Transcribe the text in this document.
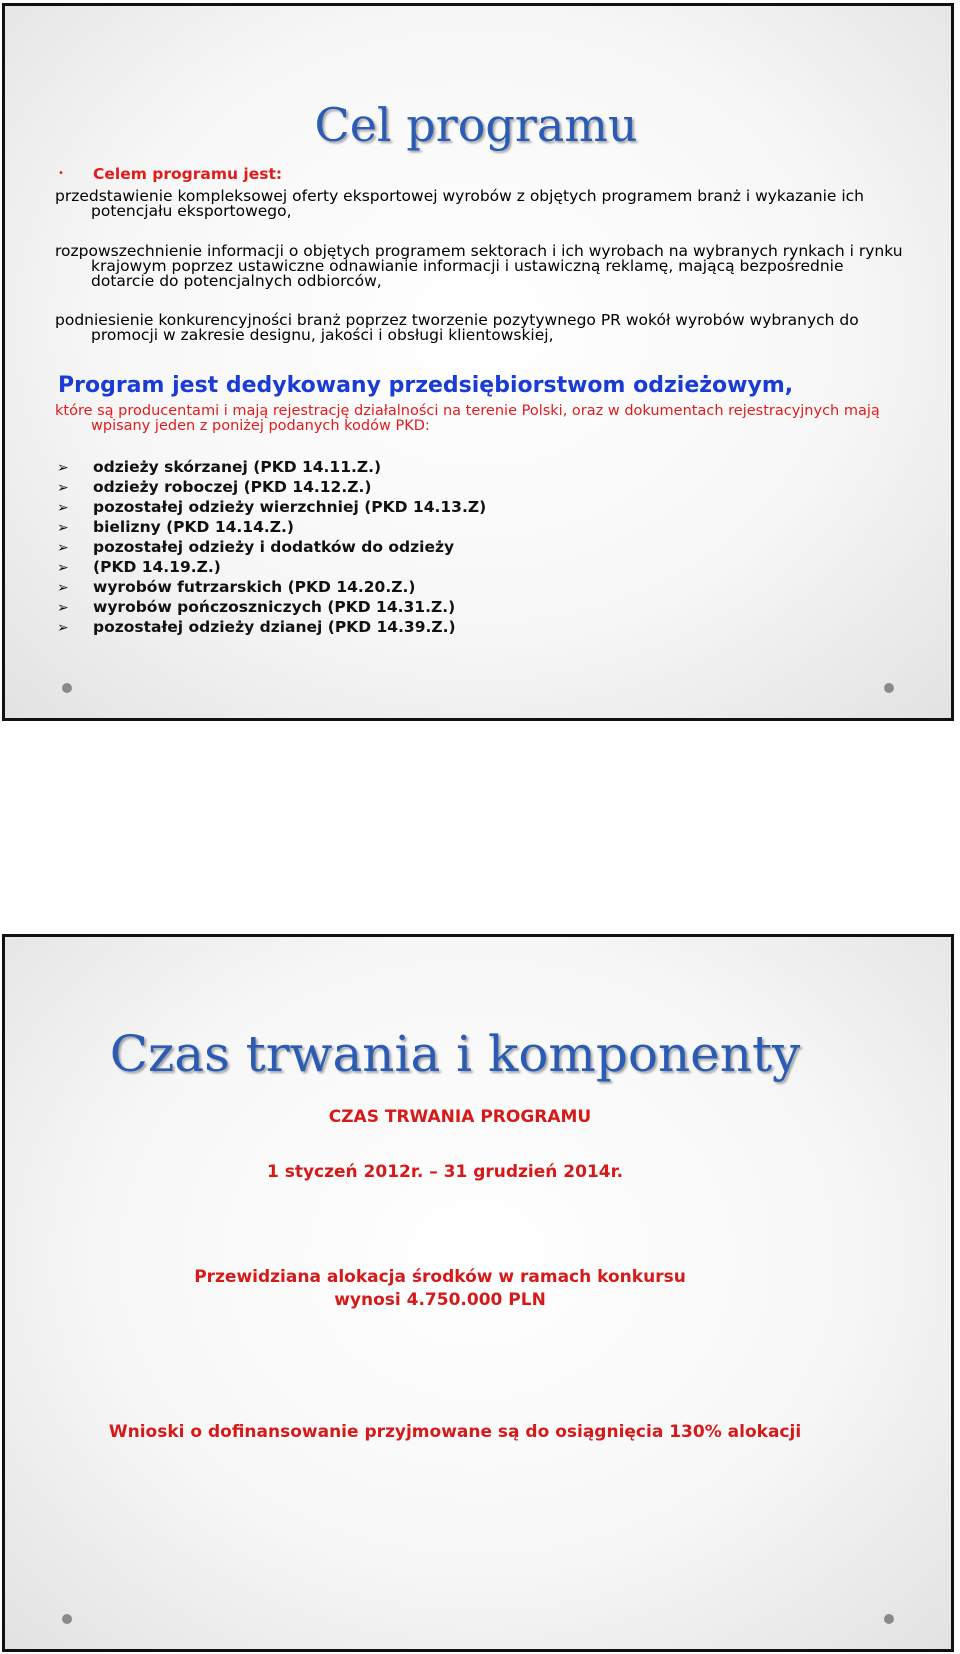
Cel programu
• Celem programu jest:
przedstawienie kompleksowej oferty eksportowej wyrobów z objętych programem branż i wykazanie ich potencjału eksportowego,
rozpowszechnienie informacji o objętych programem sektorach i ich wyrobach na wybranych rynkach i rynku krajowym poprzez ustawiczne odnawianie informacji i ustawiczną reklamę, mającą bezpośrednie dotarcie do potencjalnych odbiorców,
podniesienie konkurencyjności branż poprzez tworzenie pozytywnego PR wokół wyrobów wybranych do promocji w zakresie designu, jakości i obsługi klientowskiej,
Program jest dedykowany przedsiębiorstwom odzieżowym,
które są producentami i mają rejestrację działalności na terenie Polski, oraz w dokumentach rejestracyjnych mają wpisany jeden z poniżej podanych kodów PKD:
➢ odzieży skórzanej (PKD 14.11.Z.)
➢ odzieży roboczej (PKD 14.12.Z.)
➢ pozostałej odzieży wierzchniej (PKD 14.13.Z)
➢ bielizny (PKD 14.14.Z.)
➢ pozostałej odzieży i dodatków do odzieży
➢ (PKD 14.19.Z.)
➢ wyrobów futrzarskich (PKD 14.20.Z.)
➢ wyrobów pończoszniczych (PKD 14.31.Z.)
➢ pozostałej odzieży dzianej (PKD 14.39.Z.)
Czas trwania i komponenty
CZAS TRWANIA PROGRAMU
1 styczeń 2012r. – 31 grudzień 2014r.
Przewidziana alokacja środków w ramach konkursu
wynosi 4.750.000 PLN
Wnioski o dofinansowanie przyjmowane są do osiągnięcia 130% alokacji
